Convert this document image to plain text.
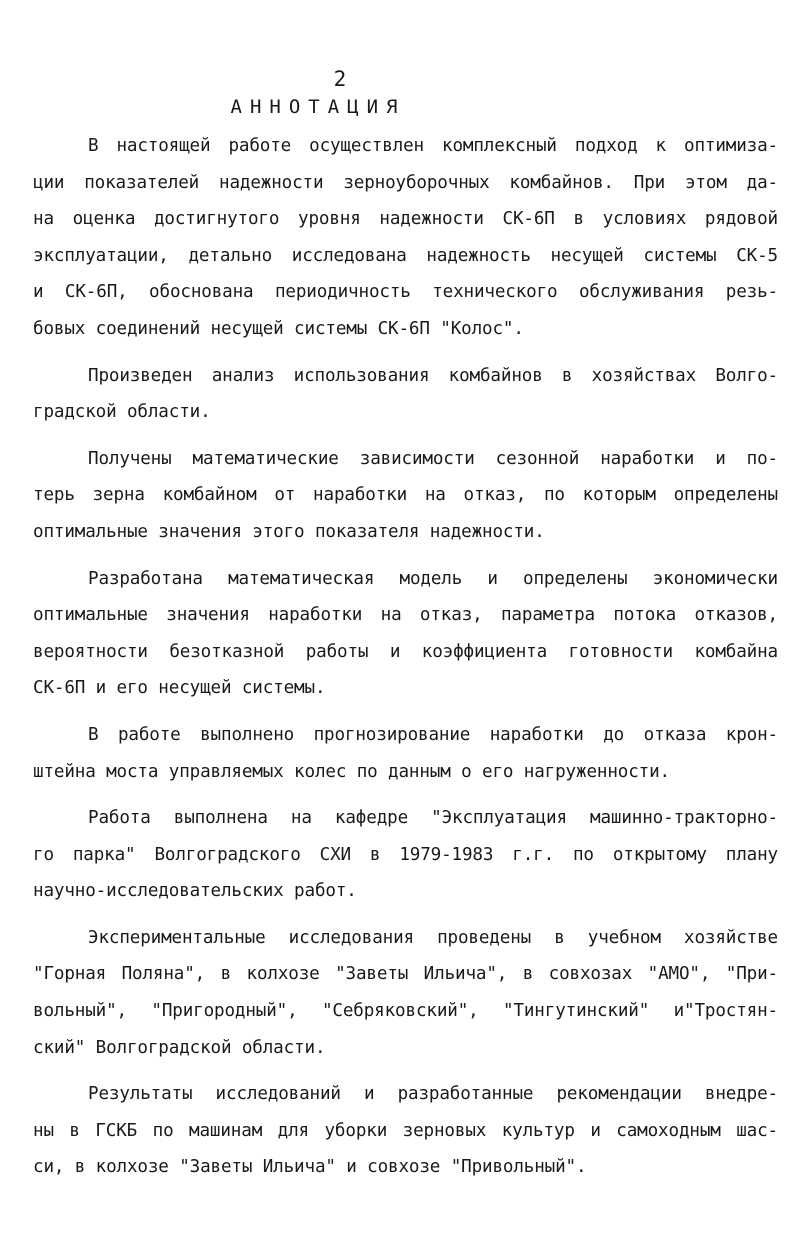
2
АННОТАЦИЯ
В настоящей работе осуществлен комплексный подход к оптимиза-
ции показателей надежности зерноуборочных комбайнов. При этом да-
на оценка достигнутого уровня надежности СК-6П в условиях рядовой
эксплуатации, детально исследована надежность несущей системы СК-5
и СК-6П, обоснована периодичность технического обслуживания резь-
бовых соединений несущей системы СК-6П "Колос".
Произведен анализ использования комбайнов в хозяйствах Волго-
градской области.
Получены математические зависимости сезонной наработки и по-
терь зерна комбайном от наработки на отказ, по которым определены
оптимальные значения этого показателя надежности.
Разработана математическая модель и определены экономически
оптимальные значения наработки на отказ, параметра потока отказов,
вероятности безотказной работы и коэффициента готовности комбайна
СК-6П и его несущей системы.
В работе выполнено прогнозирование наработки до отказа крон-
штейна моста управляемых колес по данным о его нагруженности.
Работа выполнена на кафедре "Эксплуатация машинно-тракторно-
го парка" Волгоградского СХИ в 1979-1983 г.г. по открытому плану
научно-исследовательских работ.
Экспериментальные исследования проведены в учебном хозяйстве
"Горная Поляна", в колхозе "Заветы Ильича", в совхозах "АМО", "При-
вольный", "Пригородный", "Себряковский", "Тингутинский" и"Тростян-
ский" Волгоградской области.
Результаты исследований и разработанные рекомендации внедре-
ны в ГСКБ по машинам для уборки зерновых культур и самоходным шас-
си, в колхозе "Заветы Ильича" и совхозе "Привольный".
